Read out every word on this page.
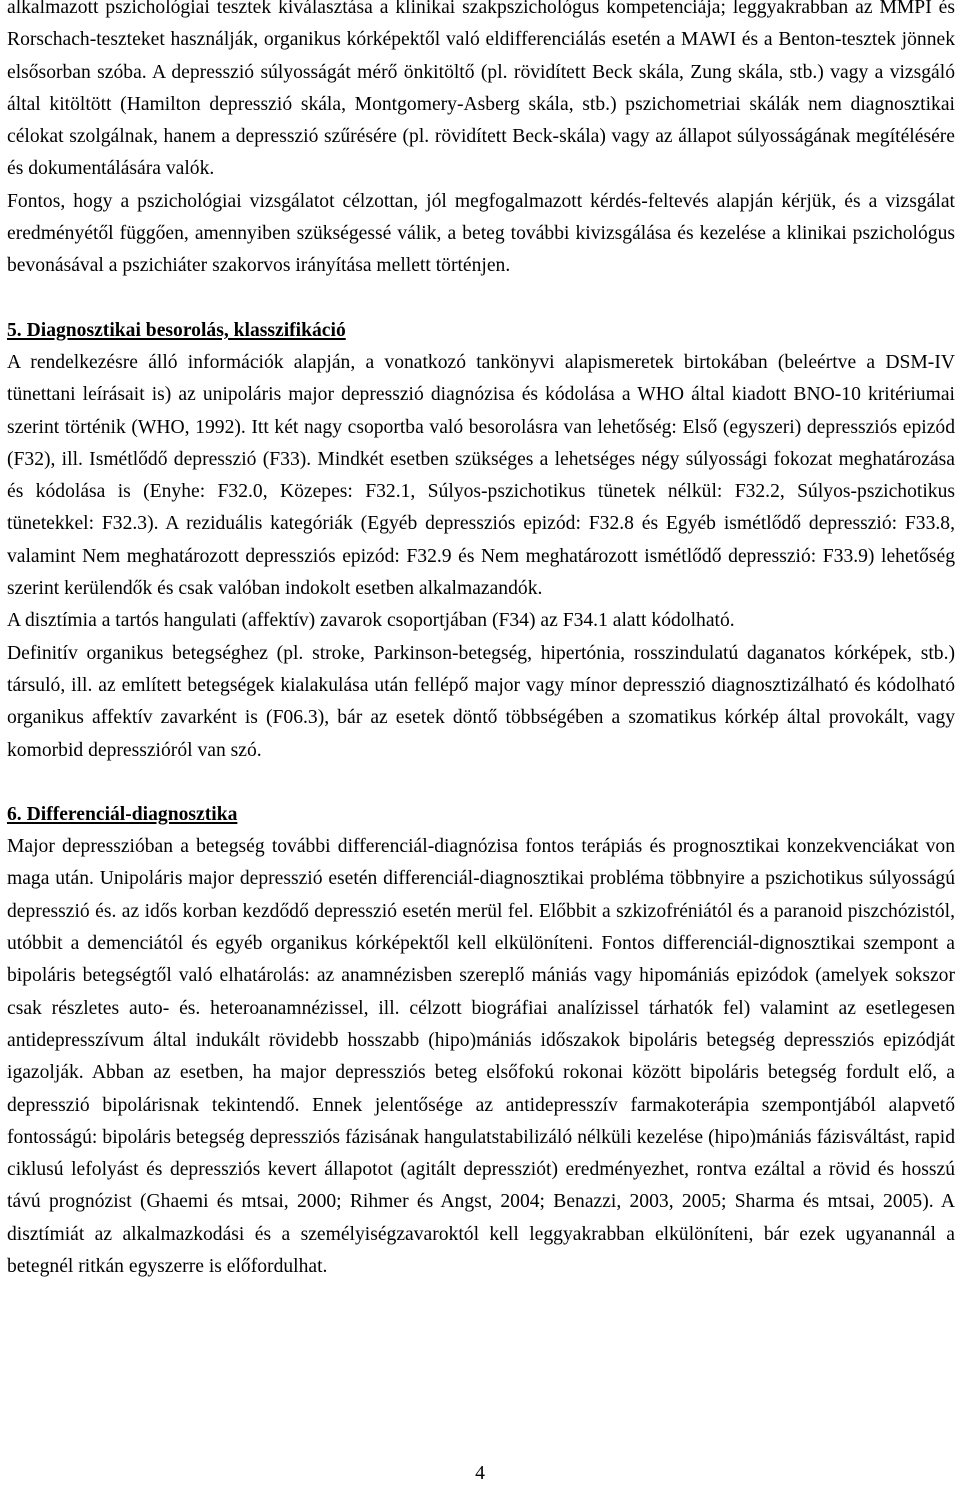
alkalmazott pszichológiai tesztek kiválasztása a klinikai szakpszichológus kompetenciája; leggyakrabban az MMPI és Rorschach-teszteket használják, organikus kórképektől való eldifferenciálás esetén a MAWI és a Benton-tesztek jönnek elsősorban szóba. A depresszió súlyosságát mérő önkitöltő (pl. rövidített Beck skála, Zung skála, stb.) vagy a vizsgáló által kitöltött (Hamilton depresszió skála, Montgomery-Asberg skála, stb.) pszichometriai skálák nem diagnosztikai célokat szolgálnak, hanem a depresszió szűrésére (pl. rövidített Beck-skála) vagy az állapot súlyosságának megítélésére és dokumentálására valók.

Fontos, hogy a pszichológiai vizsgálatot célzottan, jól megfogalmazott kérdés-feltevés alapján kérjük, és a vizsgálat eredményétől függően, amennyiben szükségessé válik, a beteg további kivizsgálása és kezelése a klinikai pszichológus bevonásával a pszichiáter szakorvos irányítása mellett történjen.

5. Diagnosztikai besorolás, klasszifikáció

A rendelkezésre álló információk alapján, a vonatkozó tankönyvi alapismeretek birtokában (beleértve a DSM-IV tünettani leírásait is) az unipoláris major depresszió diagnózisa és kódolása a WHO által kiadott BNO-10 kritériumai szerint történik (WHO, 1992). Itt két nagy csoportba való besorolásra van lehetőség: Első (egyszeri) depressziós epizód (F32), ill. Ismétlődő depresszió (F33). Mindkét esetben szükséges a lehetséges négy súlyossági fokozat meghatározása és kódolása is (Enyhe: F32.0, Közepes: F32.1, Súlyos-pszichotikus tünetek nélkül: F32.2, Súlyos-pszichotikus tünetekkel: F32.3). A reziduális kategóriák (Egyéb depressziós epizód: F32.8 és Egyéb ismétlődő depresszió: F33.8, valamint Nem meghatározott depressziós epizód: F32.9 és Nem meghatározott ismétlődő depresszió: F33.9) lehetőség szerint kerülendők és csak valóban indokolt esetben alkalmazandók.

A disztímia a tartós hangulati (affektív) zavarok csoportjában (F34) az F34.1 alatt kódolható.

Definitív organikus betegséghez (pl. stroke, Parkinson-betegség, hipertónia, rosszindulatú daganatos kórképek, stb.) társuló, ill. az említett betegségek kialakulása után fellépő major vagy mínor depresszió diagnosztizálható és kódolható organikus affektív zavarként is (F06.3), bár az esetek döntő többségében a szomatikus kórkép által provokált, vagy komorbid depresszióról van szó.

6. Differenciál-diagnosztika

Major depresszióban a betegség további differenciál-diagnózisa fontos terápiás és prognosztikai konzekvenciákat von maga után. Unipoláris major depresszió esetén differenciál-diagnosztikai probléma többnyire a pszichotikus súlyosságú depresszió és. az idős korban kezdődő depresszió esetén merül fel. Előbbit a szkizofréniától és a paranoid piszchózistól, utóbbit a demenciától és egyéb organikus kórképektől kell elkülöníteni. Fontos differenciál-dignosztikai szempont a bipoláris betegségtől való elhatárolás: az anamnézisben szereplő mániás vagy hipomániás epizódok (amelyek sokszor csak részletes auto- és. heteroanamnézissel, ill. célzott biográfiai analízissel tárhatók fel) valamint az esetlegesen antidepresszívum által indukált rövidebb hosszabb (hipo)mániás időszakok bipoláris betegség depressziós epizódját igazolják. Abban az esetben, ha major depressziós beteg elsőfokú rokonai között bipoláris betegség fordult elő, a depresszió bipolárisnak tekintendő. Ennek jelentősége az antidepresszív farmakoterápia szempontjából alapvető fontosságú: bipoláris betegség depressziós fázisának hangulatstabilizáló nélküli kezelése (hipo)mániás fázisváltást, rapid ciklusú lefolyást és depressziós kevert állapotot (agitált depressziót) eredményezhet, rontva ezáltal a rövid és hosszú távú prognózist (Ghaemi és mtsai, 2000; Rihmer és Angst, 2004; Benazzi, 2003, 2005; Sharma és mtsai, 2005). A disztímiát az alkalmazkodási és a személyiségzavaroktól kell leggyakrabban elkülöníteni, bár ezek ugyanannál a betegnél ritkán egyszerre is előfordulhat.

4
